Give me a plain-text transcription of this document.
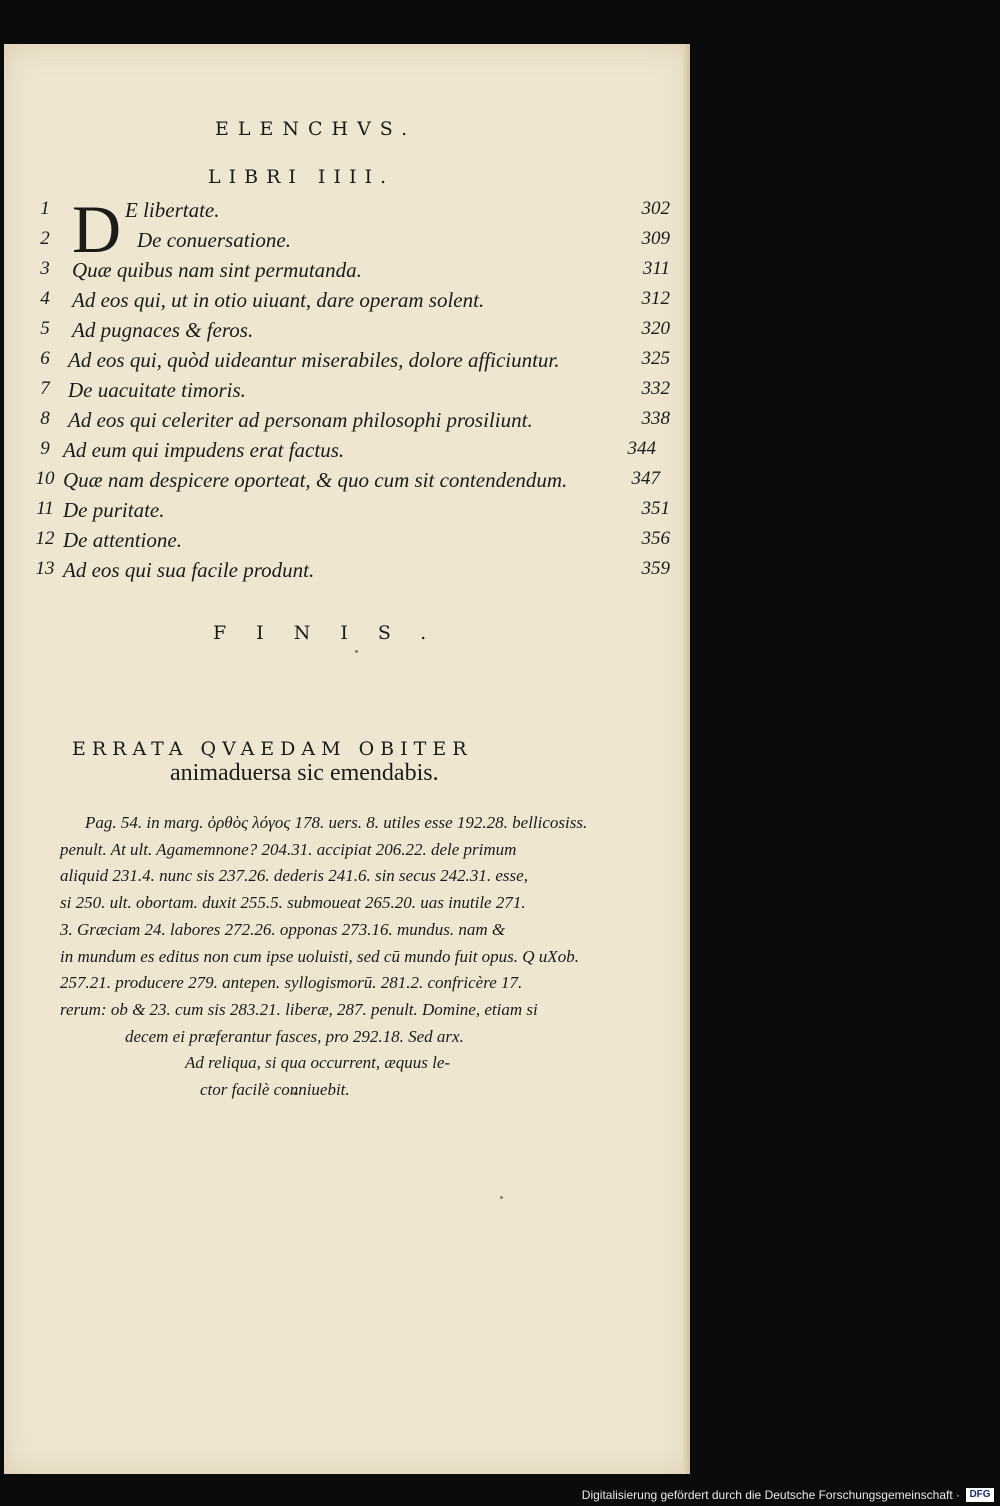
ELENCHVS.
LIBRI IIII.
D
1	E libertate.	302
2	De conuersatione.	309
3	Quæ quibus nam sint permutanda.	311
4	Ad eos qui, ut in otio uiuant, dare operam solent.	312
5	Ad pugnaces & feros.	320
6 Ad eos qui, quòd uideantur miserabiles, dolore afficiuntur.	325
7 De uacuitate timoris.	332
8 Ad eos qui celeriter ad personam philosophi prosiliunt.	338
9 Ad eum qui impudens erat factus.	344
10 Quæ nam despicere oporteat, & quo cum sit contendendum.	347
11 De puritate.	351
12 De attentione.	356
13 Ad eos qui sua facile produnt.	359
FINIS.
ERRATA QVAEDAM OBITER
animaduersa sic emendabis.
Pag. 54. in marg. ὀρθὸς λόγος 178. uers. 8. utiles esse 192.28. bellicosiss.
penult. At ult. Agamemnone? 204.31. accipiat 206.22. dele primum
aliquid 231.4. nunc sis 237.26. dederis 241.6. sin secus 242.31. esse,
si 250. ult. obortam. duxit 255.5. submoueat 265.20. uas inutile 271.
3. Græciam 24. labores 272.26. opponas 273.16. mundus. nam &
in mundum es editus non cum ipse uoluisti, sed cū mundo fuit opus. Q uXob.
257.21. producere 279. antepen. syllogismorū. 281.2. confricère 17.
rerum: ob & 23. cum sis 283.21. liberæ, 287. penult. Domine, etiam si
decem ei præferantur fasces, pro 292.18. Sed arx.
Ad reliqua, si qua occurrent, æquus le-
ctor facilè conniuebit.
Digitalisierung gefördert durch die Deutsche Forschungsgemeinschaft · DFG
